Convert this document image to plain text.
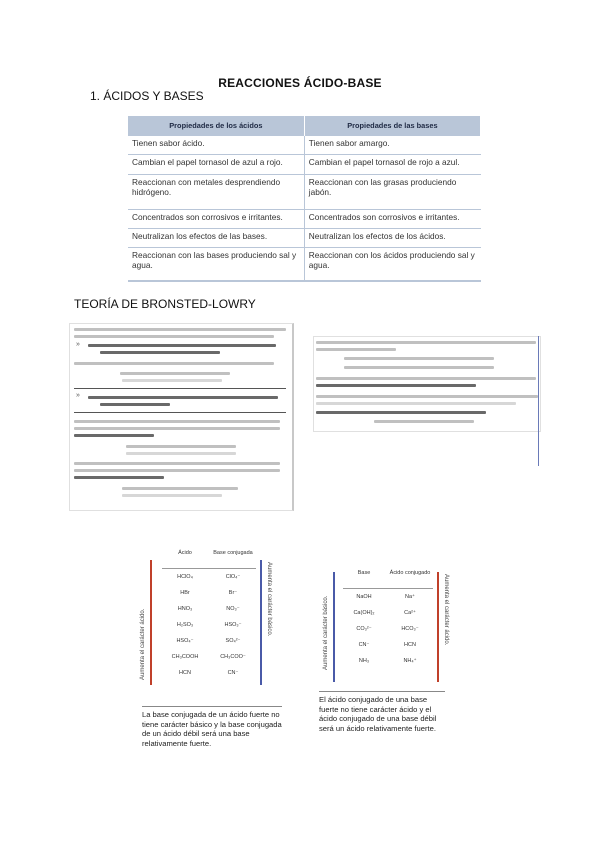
REACCIONES ÁCIDO-BASE
1. ÁCIDOS Y BASES
Propiedades de los ácidos	Propiedades de las bases
Tienen sabor ácido.	Tienen sabor amargo.
Cambian el papel tornasol de azul a rojo.	Cambian el papel tornasol de rojo a azul.
Reaccionan con metales desprendiendo hidrógeno.	Reaccionan con las grasas produciendo jabón.
Concentrados son corrosivos e irritantes.	Concentrados son corrosivos e irritantes.
Neutralizan los efectos de las bases.	Neutralizan los efectos de los ácidos.
Reaccionan con las bases produciendo sal y agua.	Reaccionan con los ácidos produciendo sal y agua.
TEORÍA DE BRONSTED-LOWRY
»
»
Ácido	Base conjugada
HClO₄	ClO₄⁻
HBr	Br⁻
HNO₃	NO₃⁻
H₂SO₃	HSO₃⁻
HSO₄⁻	SO₄²⁻
CH₃COOH	CH₃COO⁻
HCN	CN⁻
Aumenta el carácter ácido.
Aumenta el carácter básico.
La base conjugada de un ácido fuerte no tiene carácter básico y la base conjugada de un ácido débil será una base relativamente fuerte.
Base	Ácido conjugado
NaOH	Na⁺
Ca(OH)₂	Ca²⁺
CO₃²⁻	HCO₃⁻
CN⁻	HCN
NH₃	NH₄⁺
Aumenta el carácter básico.	Aumenta el carácter ácido.
El ácido conjugado de una base fuerte no tiene carácter ácido y el ácido conjugado de una base débil será un ácido relativamente fuerte.
